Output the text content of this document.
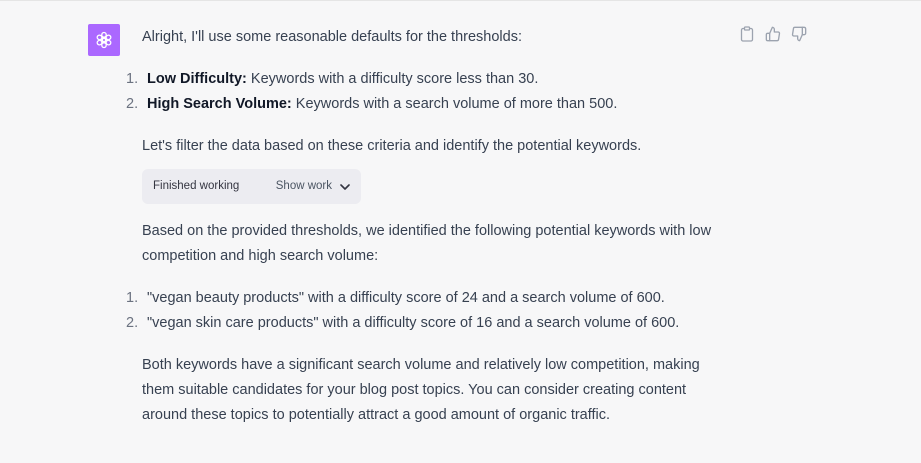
Alright, I'll use some reasonable defaults for the thresholds:

1. Low Difficulty: Keywords with a difficulty score less than 30.
2. High Search Volume: Keywords with a search volume of more than 500.

Let's filter the data based on these criteria and identify the potential keywords.

Finished working	Show work

Based on the provided thresholds, we identified the following potential keywords with low competition and high search volume:

1. "vegan beauty products" with a difficulty score of 24 and a search volume of 600.
2. "vegan skin care products" with a difficulty score of 16 and a search volume of 600.

Both keywords have a significant search volume and relatively low competition, making them suitable candidates for your blog post topics. You can consider creating content around these topics to potentially attract a good amount of organic traffic.
